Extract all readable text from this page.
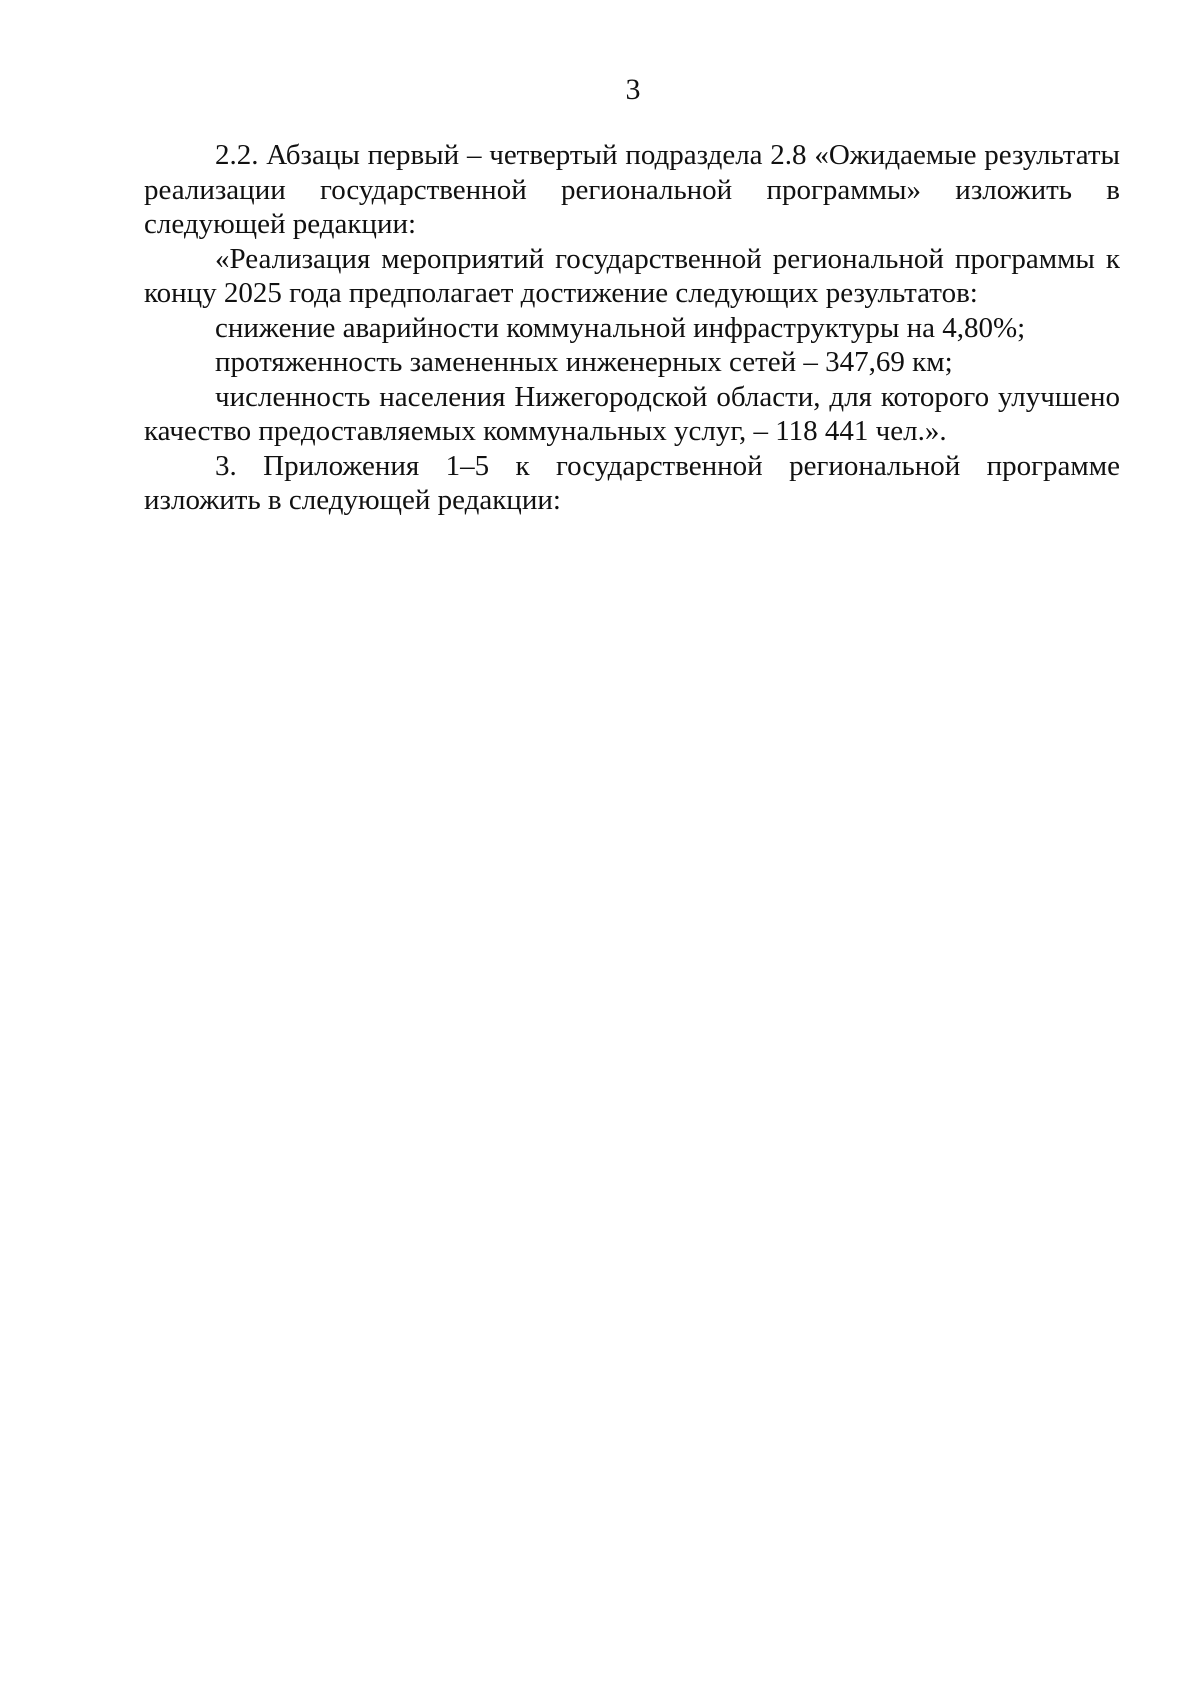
3

2.2. Абзацы первый – четвертый подраздела 2.8 «Ожидаемые результаты реализации государственной региональной программы» изложить в следующей редакции:

«Реализация мероприятий государственной региональной программы к концу 2025 года предполагает достижение следующих результатов:

снижение аварийности коммунальной инфраструктуры на 4,80%;

протяженность замененных инженерных сетей – 347,69 км;

численность населения Нижегородской области, для которого улучшено качество предоставляемых коммунальных услуг, – 118 441 чел.».

3. Приложения 1–5 к государственной региональной программе изложить в следующей редакции:
